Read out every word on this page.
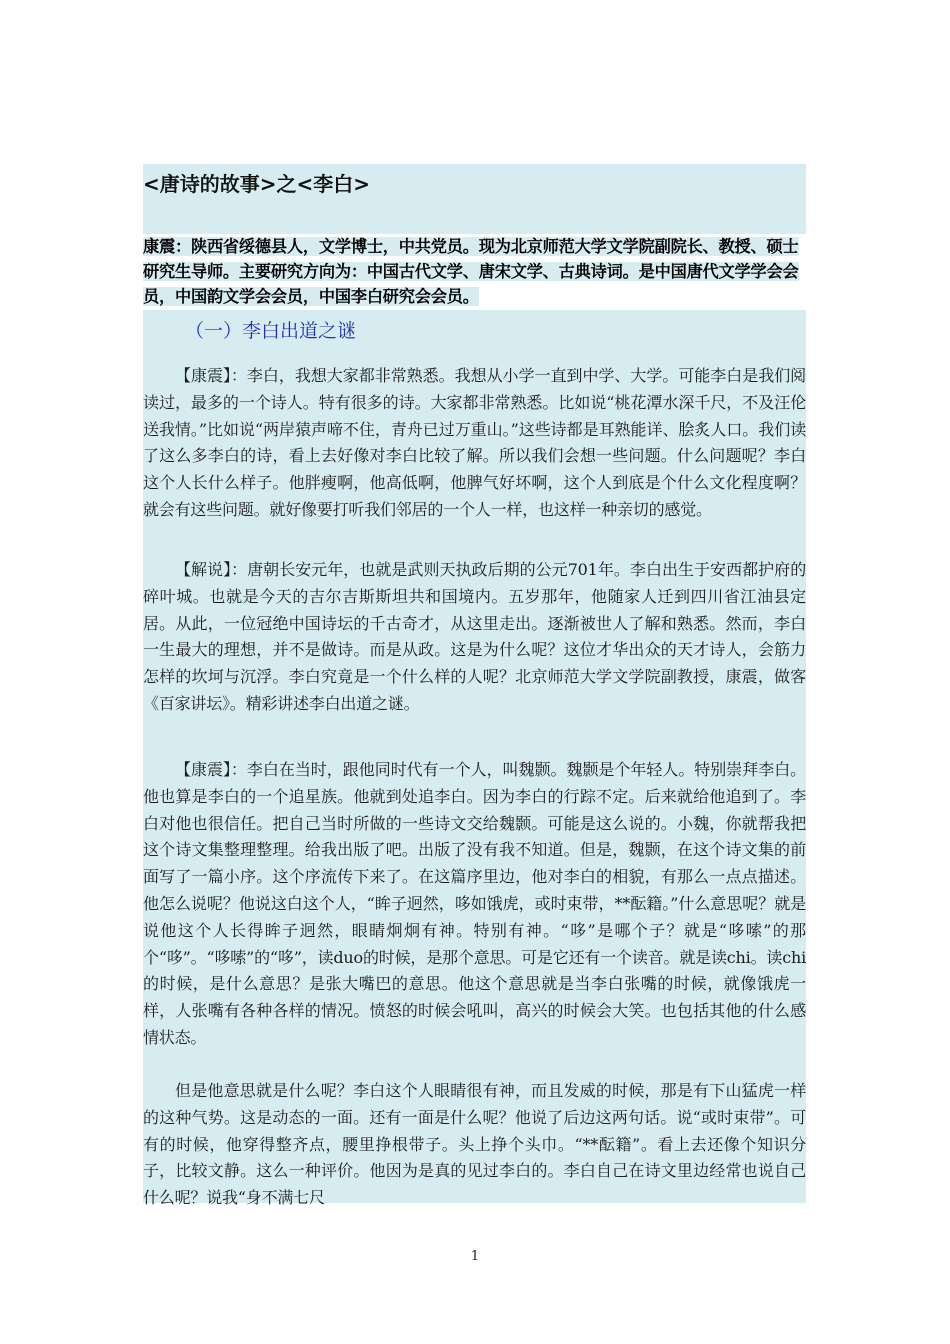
<唐诗的故事>之<李白>
康震：陕西省绥德县人，文学博士，中共党员。现为北京师范大学文学院副院长、教授、硕士研究生导师。主要研究方向为：中国古代文学、唐宋文学、古典诗词。是中国唐代文学学会会员，中国韵文学会会员，中国李白研究会会员。
（一）李白出道之谜
【康震】：李白，我想大家都非常熟悉。我想从小学一直到中学、大学。可能李白是我们阅读过，最多的一个诗人。特有很多的诗。大家都非常熟悉。比如说“桃花潭水深千尺，不及汪伦送我情。”比如说“两岸猿声啼不住，青舟已过万重山。”这些诗都是耳熟能详、脍炙人口。我们读了这么多李白的诗，看上去好像对李白比较了解。所以我们会想一些问题。什么问题呢？李白这个人长什么样子。他胖瘦啊，他高低啊，他脾气好坏啊，这个人到底是个什么文化程度啊？就会有这些问题。就好像要打听我们邻居的一个人一样，也这样一种亲切的感觉。
【解说】：唐朝长安元年，也就是武则天执政后期的公元701年。李白出生于安西都护府的碎叶城。也就是今天的吉尔吉斯斯坦共和国境内。五岁那年，他随家人迁到四川省江油县定居。从此，一位冠绝中国诗坛的千古奇才，从这里走出。逐渐被世人了解和熟悉。然而，李白一生最大的理想，并不是做诗。而是从政。这是为什么呢？这位才华出众的天才诗人，会筋力怎样的坎坷与沉浮。李白究竟是一个什么样的人呢？北京师范大学文学院副教授，康震，做客《百家讲坛》。精彩讲述李白出道之谜。
【康震】：李白在当时，跟他同时代有一个人，叫魏颢。魏颢是个年轻人。特别崇拜李白。他也算是李白的一个追星族。他就到处追李白。因为李白的行踪不定。后来就给他追到了。李白对他也很信任。把自己当时所做的一些诗文交给魏颢。可能是这么说的。小魏，你就帮我把这个诗文集整理整理。给我出版了吧。出版了没有我不知道。但是，魏颢，在这个诗文集的前面写了一篇小序。这个序流传下来了。在这篇序里边，他对李白的相貌，有那么一点点描述。他怎么说呢？他说这白这个人，“眸子迥然，哆如饿虎，或时束带，**酝籍。”什么意思呢？就是说他这个人长得眸子迥然，眼睛炯炯有神。特别有神。“哆”是哪个子？就是“哆嗦”的那个“哆”。“哆嗦”的“哆”，读duo的时候，是那个意思。可是它还有一个读音。就是读chi。读chi的时候，是什么意思？是张大嘴巴的意思。他这个意思就是当李白张嘴的时候，就像饿虎一样，人张嘴有各种各样的情况。愤怒的时候会吼叫，高兴的时候会大笑。也包括其他的什么感情状态。
但是他意思就是什么呢？李白这个人眼睛很有神，而且发威的时候，那是有下山猛虎一样的这种气势。这是动态的一面。还有一面是什么呢？他说了后边这两句话。说“或时束带”。可有的时候，他穿得整齐点，腰里挣根带子。头上挣个头巾。“**酝籍”。看上去还像个知识分子，比较文静。这么一种评价。他因为是真的见过李白的。李白自己在诗文里边经常也说自己什么呢？说我“身不满七尺
1
